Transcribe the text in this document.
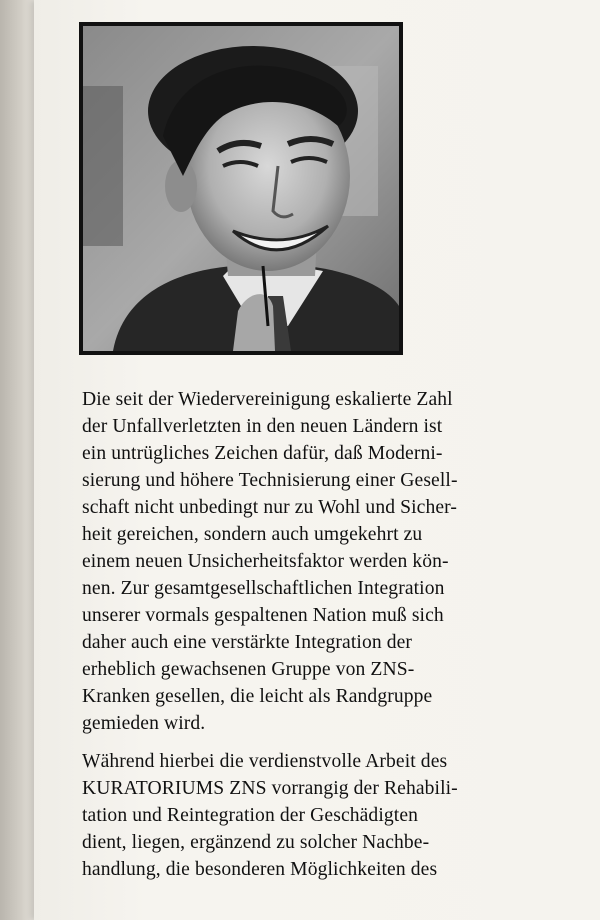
Die seit der Wiedervereinigung eskalierte Zahl
der Unfallverletzten in den neuen Ländern ist
ein untrügliches Zeichen dafür, daß Moderni-
sierung und höhere Technisierung einer Gesell-
schaft nicht unbedingt nur zu Wohl und Sicher-
heit gereichen, sondern auch umgekehrt zu
einem neuen Unsicherheitsfaktor werden kön-
nen. Zur gesamtgesellschaftlichen Integration
unserer vormals gespaltenen Nation muß sich
daher auch eine verstärkte Integration der
erheblich gewachsenen Gruppe von ZNS-
Kranken gesellen, die leicht als Randgruppe
gemieden wird.
Während hierbei die verdienstvolle Arbeit des
KURATORIUMS ZNS vorrangig der Rehabili-
tation und Reintegration der Geschädigten
dient, liegen, ergänzend zu solcher Nachbe-
handlung, die besonderen Möglichkeiten des
